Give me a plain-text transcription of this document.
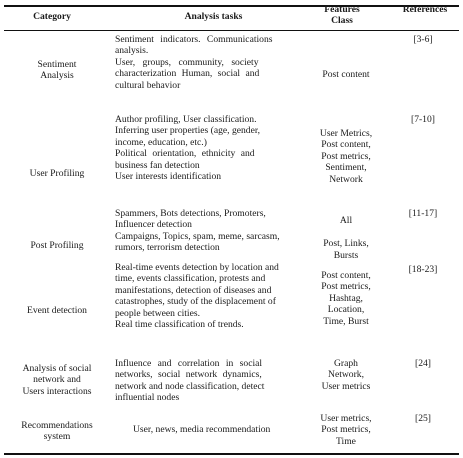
Category	Analysis tasks
Features
Class
References
Sentiment
Analysis
Sentiment indicators. Communications
analysis.
User, groups, community, society
characterization Human, social and
cultural behavior
Post content
[3-6]
User Profiling
Author profiling, User classification.
Inferring user properties (age, gender,
income, education, etc.)
Political orientation, ethnicity and
business fan detection
User interests identification
User Metrics,
Post content,
Post metrics,
Sentiment,
Network
[7-10]
Post Profiling
Spammers, Bots detections, Promoters,
Influencer detection
Campaigns, Topics, spam, meme, sarcasm,
rumors, terrorism detection
All
Post, Links,
Bursts
[11-17]
Event detection
Real-time events detection by location and
time, events classification, protests and
manifestations, detection of diseases and
catastrophes, study of the displacement of
people between cities.
Real time classification of trends.
Post content,
Post metrics,
Hashtag,
Location,
Time, Burst
[18-23]
Analysis of social
network and
Users interactions
Influence and correlation in social
networks, social network dynamics,
network and node classification, detect
influential nodes
Graph
Network,
User metrics
[24]
Recommendations
system
User, news, media recommendation
User metrics,
Post metrics,
Time
[25]
